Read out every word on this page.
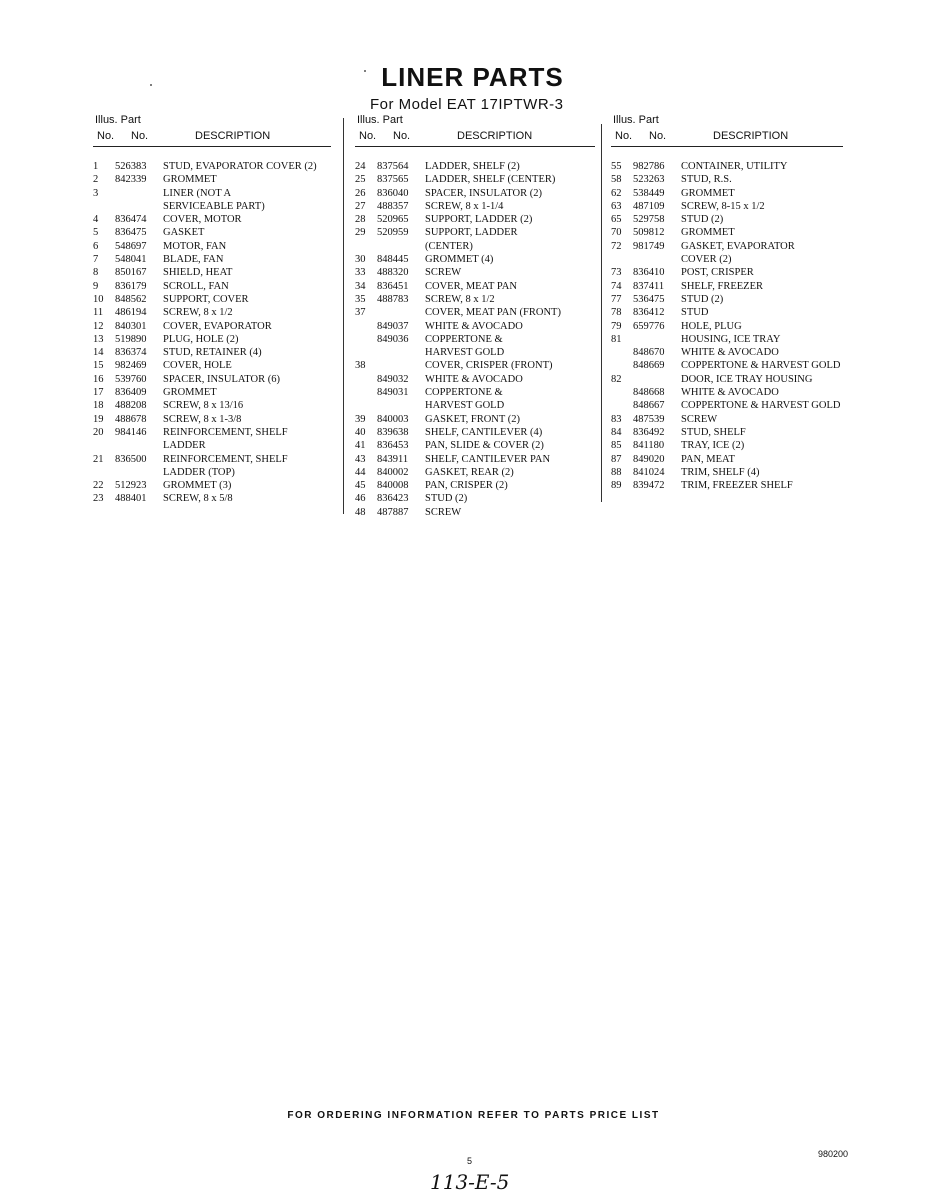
LINER PARTS
For Model EAT 17IPTWR-3
Illus. Part
No. No.	DESCRIPTION
1 526383 STUD, EVAPORATOR COVER (2)
2 842339 GROMMET
3	LINER (NOT A
SERVICEABLE PART)
4 836474 COVER, MOTOR
5 836475 GASKET
6 548697 MOTOR, FAN
7 548041 BLADE, FAN
8 850167 SHIELD, HEAT
9 836179 SCROLL, FAN
10 848562 SUPPORT, COVER
11 486194 SCREW, 8 x 1/2
12 840301 COVER, EVAPORATOR
13 519890 PLUG, HOLE (2)
14 836374 STUD, RETAINER (4)
15 982469 COVER, HOLE
16 539760 SPACER, INSULATOR (6)
17 836409 GROMMET
18 488208 SCREW, 8 x 13/16
19 488678 SCREW, 8 x 1-3/8
20 984146 REINFORCEMENT, SHELF
LADDER
21 836500 REINFORCEMENT, SHELF
LADDER (TOP)
22 512923 GROMMET (3)
23 488401 SCREW, 8 x 5/8
Illus. Part
No. No.	DESCRIPTION
24 837564 LADDER, SHELF (2)
25 837565 LADDER, SHELF (CENTER)
26 836040 SPACER, INSULATOR (2)
27 488357 SCREW, 8 x 1-1/4
28 520965 SUPPORT, LADDER (2)
29 520959 SUPPORT, LADDER
(CENTER)
30 848445 GROMMET (4)
33 488320 SCREW
34 836451 COVER, MEAT PAN
35 488783 SCREW, 8 x 1/2
37	COVER, MEAT PAN (FRONT)
849037 WHITE & AVOCADO
849036 COPPERTONE &
HARVEST GOLD
38	COVER, CRISPER (FRONT)
849032 WHITE & AVOCADO
849031 COPPERTONE &
HARVEST GOLD
39 840003 GASKET, FRONT (2)
40 839638 SHELF, CANTILEVER (4)
41 836453 PAN, SLIDE & COVER (2)
43 843911 SHELF, CANTILEVER PAN
44 840002 GASKET, REAR (2)
45 840008 PAN, CRISPER (2)
46 836423 STUD (2)
48 487887 SCREW
Illus. Part
No. No.	DESCRIPTION
55 982786 CONTAINER, UTILITY
58 523263 STUD, R.S.
62 538449 GROMMET
63 487109 SCREW, 8-15 x 1/2
65 529758 STUD (2)
70 509812 GROMMET
72 981749 GASKET, EVAPORATOR
COVER (2)
73 836410 POST, CRISPER
74 837411 SHELF, FREEZER
77 536475 STUD (2)
78 836412 STUD
79 659776 HOLE, PLUG
81	HOUSING, ICE TRAY
848670 WHITE & AVOCADO
848669 COPPERTONE & HARVEST GOLD
82	DOOR, ICE TRAY HOUSING
848668 WHITE & AVOCADO
848667 COPPERTONE & HARVEST GOLD
83 487539 SCREW
84 836492 STUD, SHELF
85 841180 TRAY, ICE (2)
87 849020 PAN, MEAT
88 841024 TRIM, SHELF (4)
89 839472 TRIM, FREEZER SHELF
FOR ORDERING INFORMATION REFER TO PARTS PRICE LIST
5
980200
113-E-5
